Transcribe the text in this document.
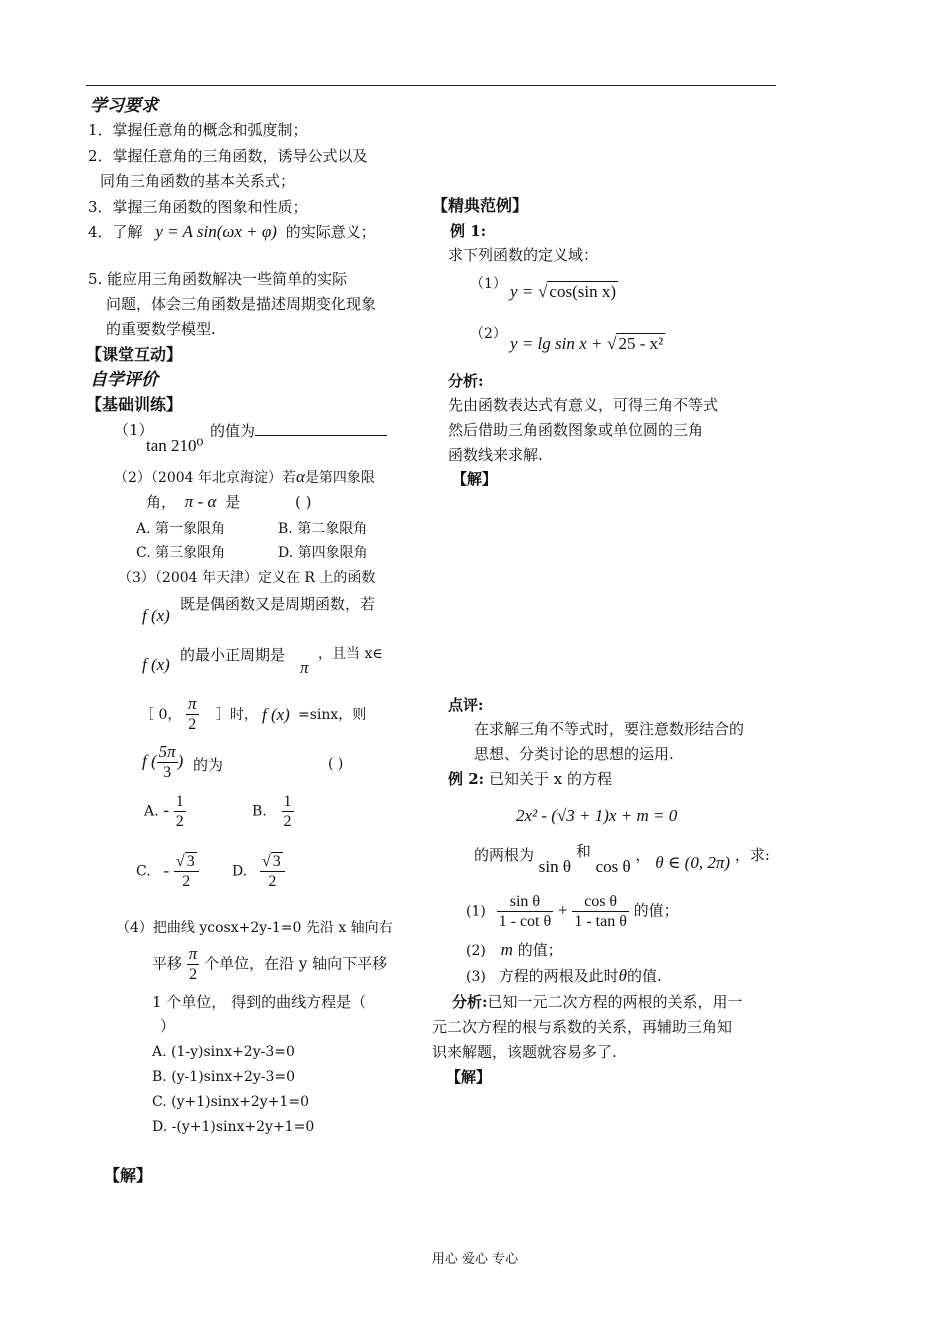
学习要求
1．掌握任意角的概念和弧度制；
2．掌握任意角的三角函数，诱导公式以及
同角三角函数的基本关系式；
3．掌握三角函数的图象和性质；
4．了解 y = A sin(ωx + φ) 的实际意义；
5. 能应用三角函数解决一些简单的实际
问题，体会三角函数是描述周期变化现象
的重要数学模型.
【课堂互动】
自学评价
【基础训练】
（1）
tan 210⁰
的值为
（2）（2004 年北京海淀）若α是第四象限
角， π - α 是	( )
A. 第一象限角	B. 第二象限角
C. 第三象限角	D. 第四象限角
（3）（2004 年天津）定义在 R 上的函数
f (x)
既是偶函数又是周期函数，若
f (x) 的最小正周期是
π
，且当 x∈
［ 0， $\frac{\pi}{2}$ ］时， f (x) =sinx，则
f ( $\frac{5\pi}{3}$ ) 的为	( )
A. - $\frac{1}{2}$	B. $\frac{1}{2}$
C. - $\frac{√ 3}{2} D$. $\frac{√ 3}{2}$
（4）把曲线 ycosx+2y-1=0 先沿 x 轴向右
平移 $\frac{\pi}{2}$ 个单位，在沿 y 轴向下平移
1 个单位， 得到的曲线方程是（
）
A. (1-y)sinx+2y-3=0
B. (y-1)sinx+2y-3=0
C. (y+1)sinx+2y+1=0
D. -(y+1)sinx+2y+1=0
【解】
【精典范例】
例 1:
求下列函数的定义域：
（1） y = √ cos(sin x)
（2） y = lg sin x + √ 25 - x²
分析:
先由函数表达式有意义，可得三角不等式
然后借助三角函数图象或单位圆的三角
函数线来求解.
【解】
点评:
在求解三角不等式时，要注意数形结合的
思想、分类讨论的思想的运用.
例 2: 已知关于 x 的方程
2x² - (√3 + 1)x + m = 0
的两根为 sin θ 和 cos θ ， θ ∈ (0, 2π) ，求:
$(1) \frac{\text{sin θ}}{\text{1 - cot θ}} + \frac{\text{cos θ}}{\text{1 - tan θ}}$ 的值；
(2) m 的值；
(3) 方程的两根及此时θ的值.
分析:已知一元二次方程的两根的关系，用一
元二次方程的根与系数的关系，再辅助三角知
识来解题，该题就容易多了.
【解】
用心 爱心 专心
